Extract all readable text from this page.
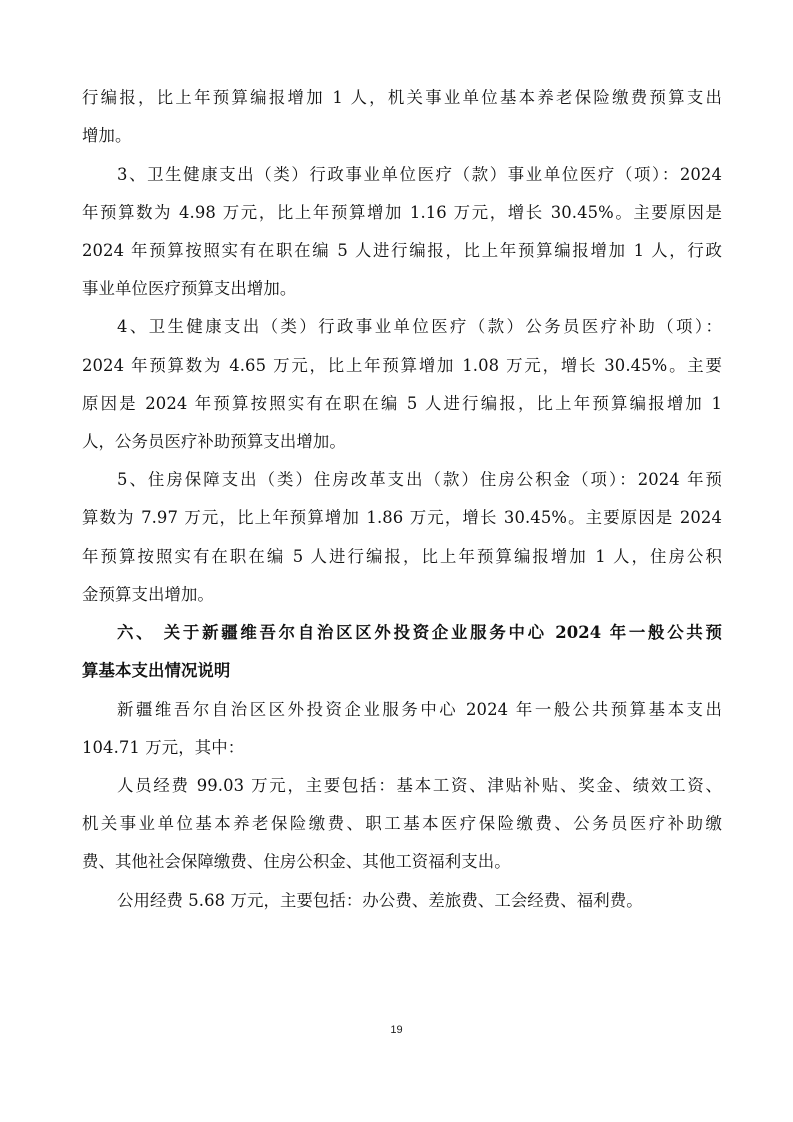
行编报，比上年预算编报增加 1 人，机关事业单位基本养老保险缴费预算支出
增加。
3、卫生健康支出（类）行政事业单位医疗（款）事业单位医疗（项）：2024
年预算数为 4.98 万元，比上年预算增加 1.16 万元，增长 30.45%。主要原因是
2024 年预算按照实有在职在编 5 人进行编报，比上年预算编报增加 1 人，行政
事业单位医疗预算支出增加。
4、卫生健康支出（类）行政事业单位医疗（款）公务员医疗补助（项）：
2024 年预算数为 4.65 万元，比上年预算增加 1.08 万元，增长 30.45%。主要
原因是 2024 年预算按照实有在职在编 5 人进行编报，比上年预算编报增加 1
人，公务员医疗补助预算支出增加。
5、住房保障支出（类）住房改革支出（款）住房公积金（项）：2024 年预
算数为 7.97 万元，比上年预算增加 1.86 万元，增长 30.45%。主要原因是 2024
年预算按照实有在职在编 5 人进行编报，比上年预算编报增加 1 人，住房公积
金预算支出增加。
六、 关于新疆维吾尔自治区区外投资企业服务中心 2024 年一般公共预
算基本支出情况说明
新疆维吾尔自治区区外投资企业服务中心 2024 年一般公共预算基本支出
104.71 万元，其中：
人员经费 99.03 万元，主要包括：基本工资、津贴补贴、奖金、绩效工资、
机关事业单位基本养老保险缴费、职工基本医疗保险缴费、公务员医疗补助缴
费、其他社会保障缴费、住房公积金、其他工资福利支出。
公用经费 5.68 万元，主要包括：办公费、差旅费、工会经费、福利费。
19
